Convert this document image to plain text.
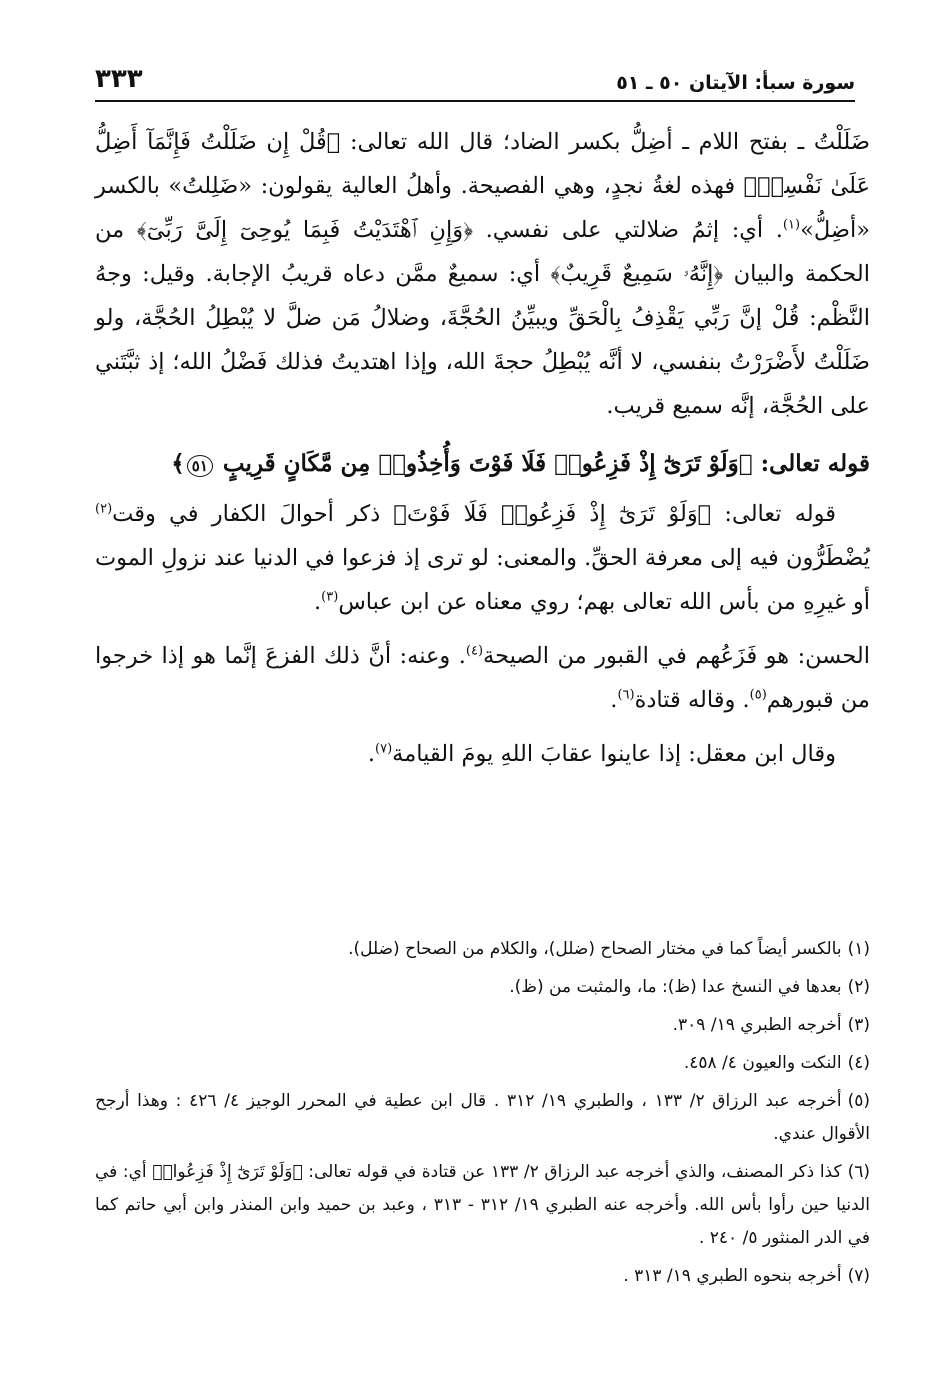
سورة سبأ: الآيتان ٥٠ ـ ٥١
٣٣٣

ضَلَلْتُ ـ بفتح اللام ـ أضِلُّ بكسر الضاد؛ قال الله تعالى: ﴿قُلْ إِن ضَلَلْتُ فَإِنَّمَآ أَضِلُّ عَلَىٰ نَفْسِىۖ﴾ فهذه لغةُ نجدٍ، وهي الفصيحة. وأهلُ العالية يقولون: «ضَلِلتُ» بالكسر «أضِلُّ»$^{(١)}$. أي: إثمُ ضلالتي على نفسي. ﴿وَإِنِ ٱهْتَدَيْتُ فَبِمَا يُوحِىٓ إِلَىَّ رَبِّىٓ﴾ من الحكمة والبيان ﴿إِنَّهُۥ سَمِيعٌ قَرِيبٌ﴾ أي: سميعٌ ممَّن دعاه قريبُ الإجابة. وقيل: وجهُ النَّظْم: قُلْ إنَّ رَبِّي يَقْذِفُ بِالْحَقِّ ويبيِّنُ الحُجَّةَ، وضلالُ مَن ضلَّ لا يُبْطِلُ الحُجَّة، ولو ضَلَلْتُ لأَضْرَرْتُ بنفسي، لا أنَّه يُبْطِلُ حجةَ الله، وإذا اهتديتُ فذلك فَضْلُ الله؛ إذ ثبَّتَني على الحُجَّة، إنَّه سميع قريب.

قوله تعالى: ﴿وَلَوْ تَرَىٰٓ إِذْ فَزِعُوا۟ فَلَا فَوْتَ وَأُخِذُوا۟ مِن مَّكَانٍ قَرِيبٍ ٥١﴾

قوله تعالى: ﴿وَلَوْ تَرَىٰٓ إِذْ فَزِعُوا۟ فَلَا فَوْتَ﴾ ذكر أحوالَ الكفار في وقت$^{(٢)}$ يُضْطَرُّون فيه إلى معرفة الحقِّ. والمعنى: لو ترى إذ فزعوا في الدنيا عند نزولِ الموت أو غيرِهِ من بأس الله تعالى بهم؛ روي معناه عن ابن عباس$^{(٣)}$.

الحسن: هو فَزَعُهم في القبور من الصيحة$^{(٤)}$. وعنه: أنَّ ذلك الفزعَ إنَّما هو إذا خرجوا من قبورهم$^{(٥)}$. وقاله قتادة$^{(٦)}$.

وقال ابن معقل: إذا عاينوا عقابَ اللهِ يومَ القيامة$^{(٧)}$.

(١)بالكسر أيضاً كما في مختار الصحاح (ضلل)، والكلام من الصحاح (ضلل).

(٢)بعدها في النسخ عدا (ظ): ما، والمثبت من (ظ).

(٣)أخرجه الطبري ١٩/ ٣٠٩.

(٤)النكت والعيون ٤/ ٤٥٨.

(٥)أخرجه عبد الرزاق ٢/ ١٣٣ ، والطبري ١٩/ ٣١٢ . قال ابن عطية في المحرر الوجيز ٤/ ٤٢٦ : وهذا أرجح الأقوال عندي.

(٦)كذا ذكر المصنف، والذي أخرجه عبد الرزاق ٢/ ١٣٣ عن قتادة في قوله تعالى: ﴿وَلَوْ تَرَىٰٓ إِذْ فَزِعُوا۟﴾ أي: في الدنيا حين رأوا بأس الله. وأخرجه عنه الطبري ١٩/ ٣١٢ - ٣١٣ ، وعبد بن حميد وابن المنذر وابن أبي حاتم كما في الدر المنثور ٥/ ٢٤٠ .

(٧)أخرجه بنحوه الطبري ١٩/ ٣١٣ .
